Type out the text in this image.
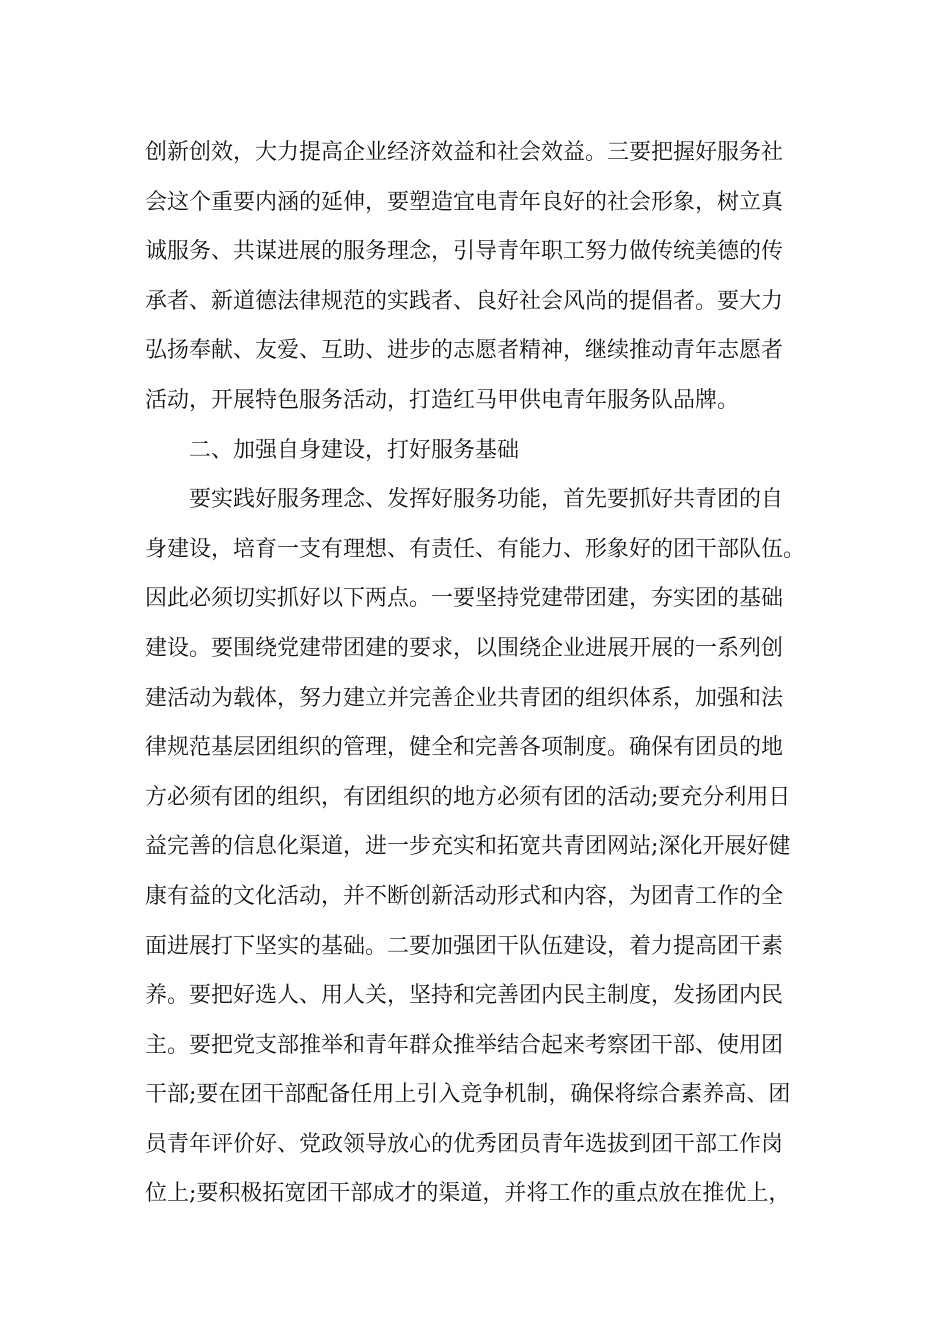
创新创效，大力提高企业经济效益和社会效益。三要把握好服务社
会这个重要内涵的延伸，要塑造宜电青年良好的社会形象，树立真
诚服务、共谋进展的服务理念，引导青年职工努力做传统美德的传
承者、新道德法律规范的实践者、良好社会风尚的提倡者。要大力
弘扬奉献、友爱、互助、进步的志愿者精神，继续推动青年志愿者
活动，开展特色服务活动，打造红马甲供电青年服务队品牌。
二、加强自身建设，打好服务基础
要实践好服务理念、发挥好服务功能，首先要抓好共青团的自
身建设，培育一支有理想、有责任、有能力、形象好的团干部队伍。
因此必须切实抓好以下两点。一要坚持党建带团建，夯实团的基础
建设。要围绕党建带团建的要求，以围绕企业进展开展的一系列创
建活动为载体，努力建立并完善企业共青团的组织体系，加强和法
律规范基层团组织的管理，健全和完善各项制度。确保有团员的地
方必须有团的组织，有团组织的地方必须有团的活动;要充分利用日
益完善的信息化渠道，进一步充实和拓宽共青团网站;深化开展好健
康有益的文化活动，并不断创新活动形式和内容，为团青工作的全
面进展打下坚实的基础。二要加强团干队伍建设，着力提高团干素
养。要把好选人、用人关，坚持和完善团内民主制度，发扬团内民
主。要把党支部推举和青年群众推举结合起来考察团干部、使用团
干部;要在团干部配备任用上引入竞争机制，确保将综合素养高、团
员青年评价好、党政领导放心的优秀团员青年选拔到团干部工作岗
位上;要积极拓宽团干部成才的渠道，并将工作的重点放在推优上，
